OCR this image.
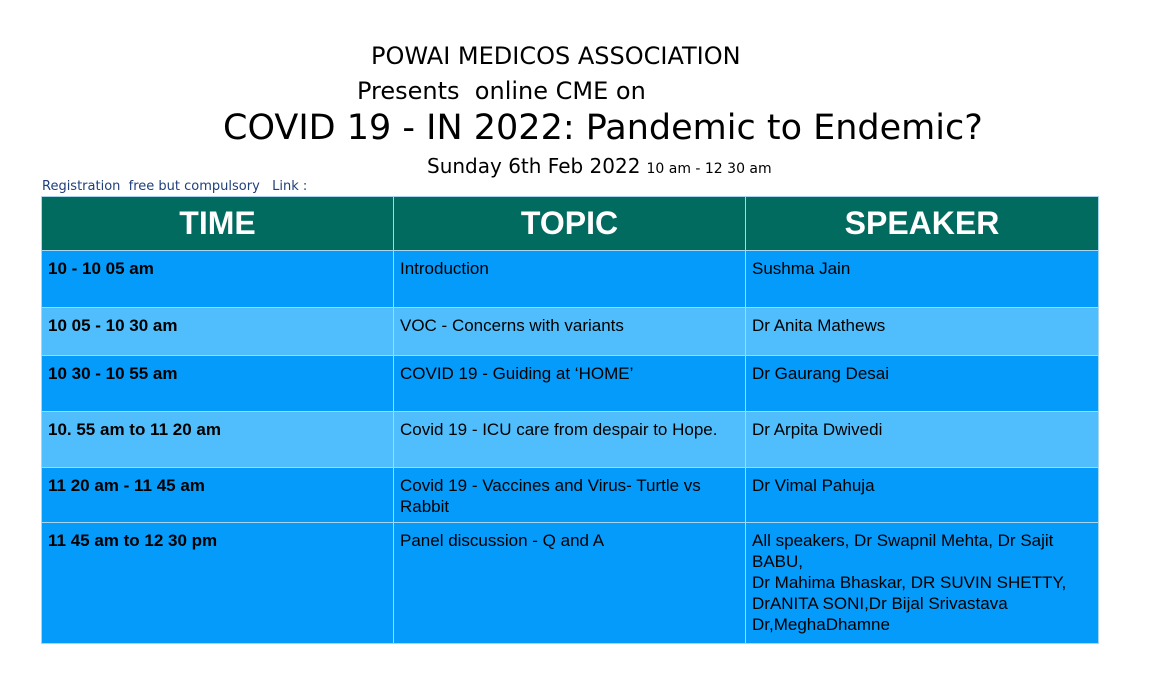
POWAI MEDICOS ASSOCIATION
Presents  online CME on
COVID 19 - IN 2022: Pandemic to Endemic?
Sunday 6th Feb 2022 10 am - 12 30 am
Registration  free but compulsory   Link :
TIME	TOPIC	SPEAKER
10 - 10 05 am	Introduction	Sushma Jain
10 05 - 10 30 am	VOC - Concerns with variants	Dr Anita Mathews
10 30 - 10 55 am	COVID 19 - Guiding at ‘HOME’	Dr Gaurang Desai
10. 55 am to 11 20 am	Covid 19 - ICU care from despair to Hope.	Dr Arpita Dwivedi
11 20 am - 11 45 am	Covid 19 - Vaccines and Virus- Turtle vs Rabbit	Dr Vimal Pahuja
11 45 am to 12 30 pm	Panel discussion - Q and A	All speakers, Dr Swapnil Mehta, Dr Sajit BABU,
Dr Mahima Bhaskar, DR SUVIN SHETTY, DrANITA SONI,Dr Bijal Srivastava Dr,MeghaDhamne
